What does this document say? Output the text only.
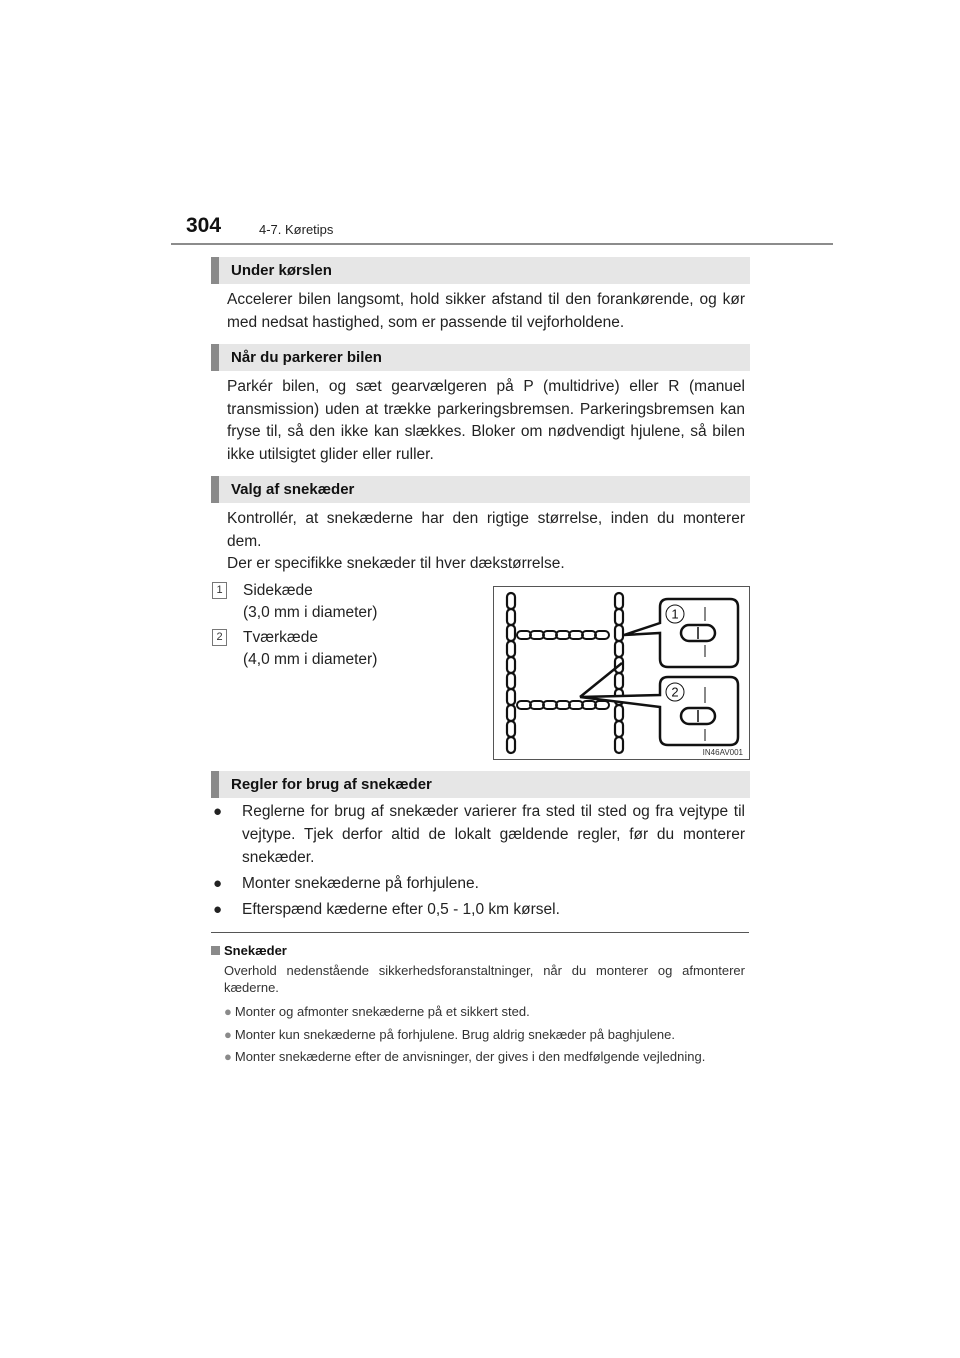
304	4-7. Køretips
Under kørslen

Accelerer bilen langsomt, hold sikker afstand til den forankørende, og kør med nedsat hastighed, som er passende til vejforholdene.

Når du parkerer bilen

Parkér bilen, og sæt gearvælgeren på P (multidrive) eller R (manuel transmission) uden at trække parkeringsbremsen. Parkeringsbremsen kan fryse til, så den ikke kan slækkes. Bloker om nødvendigt hjulene, så bilen ikke utilsigtet glider eller ruller.

Valg af snekæder

Kontrollér, at snekæderne har den rigtige størrelse, inden du monterer dem.

Der er specifikke snekæder til hver dækstørrelse.

1 Sidekæde
(3,0 mm i diameter)
2 Tværkæde
(4,0 mm i diameter)
1
2
IN46AV001
Regler for brug af snekæder
● Reglerne for brug af snekæder varierer fra sted til sted og fra vejtype til vejtype. Tjek derfor altid de lokalt gældende regler, før du monterer snekæder.
● Monter snekæderne på forhjulene.
● Efterspænd kæderne efter 0,5 - 1,0 km kørsel.
Snekæder
Overhold nedenstående sikkerhedsforanstaltninger, når du monterer og afmonterer kæderne.
● Monter og afmonter snekæderne på et sikkert sted.
● Monter kun snekæderne på forhjulene. Brug aldrig snekæder på baghjulene.
● Monter snekæderne efter de anvisninger, der gives i den medfølgende vejledning.
